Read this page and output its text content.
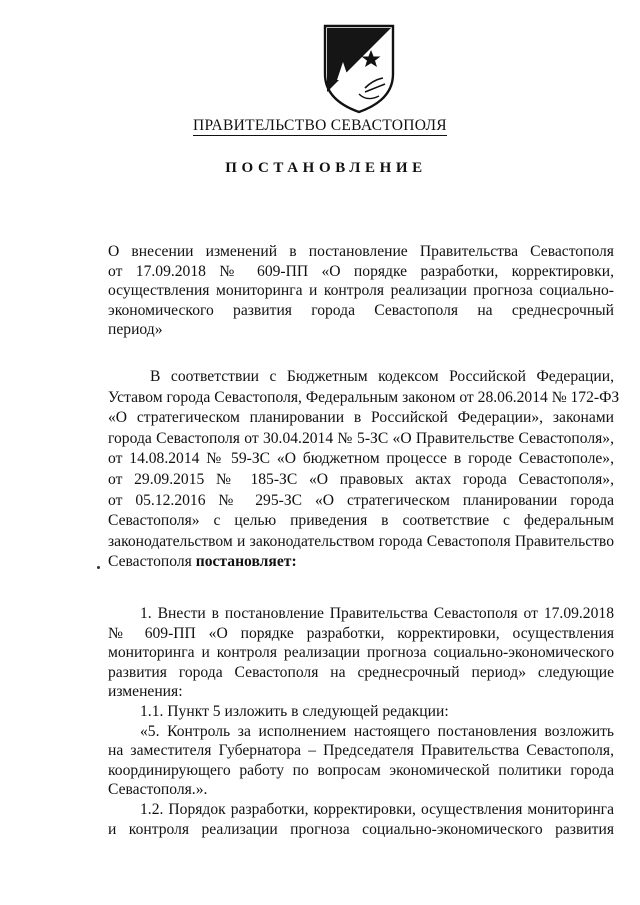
ПРАВИТЕЛЬСТВО СЕВАСТОПОЛЯ
ПОСТАНОВЛЕНИЕ
О внесении изменений в постановление Правительства Севастополя
от 17.09.2018 № 609-ПП «О порядке разработки, корректировки,
осуществления мониторинга и контроля реализации прогноза социально-
экономического развития города Севастополя на среднесрочный
период»
В соответствии с Бюджетным кодексом Российской Федерации,
Уставом города Севастополя, Федеральным законом от 28.06.2014 № 172-ФЗ
«О стратегическом планировании в Российской Федерации», законами
города Севастополя от 30.04.2014 № 5-ЗС «О Правительстве Севастополя»,
от 14.08.2014 № 59-ЗС «О бюджетном процессе в городе Севастополе»,
от 29.09.2015 № 185-ЗС «О правовых актах города Севастополя»,
от 05.12.2016 № 295-ЗС «О стратегическом планировании города
Севастополя» с целью приведения в соответствие с федеральным
законодательством и законодательством города Севастополя Правительство
Севастополя постановляет:
1. Внести в постановление Правительства Севастополя от 17.09.2018
№ 609-ПП «О порядке разработки, корректировки, осуществления
мониторинга и контроля реализации прогноза социально-экономического
развития города Севастополя на среднесрочный период» следующие
изменения:
1.1. Пункт 5 изложить в следующей редакции:
«5. Контроль за исполнением настоящего постановления возложить
на заместителя Губернатора – Председателя Правительства Севастополя,
координирующего работу по вопросам экономической политики города
Севастополя.».
1.2. Порядок разработки, корректировки, осуществления мониторинга
и контроля реализации прогноза социально-экономического развития
